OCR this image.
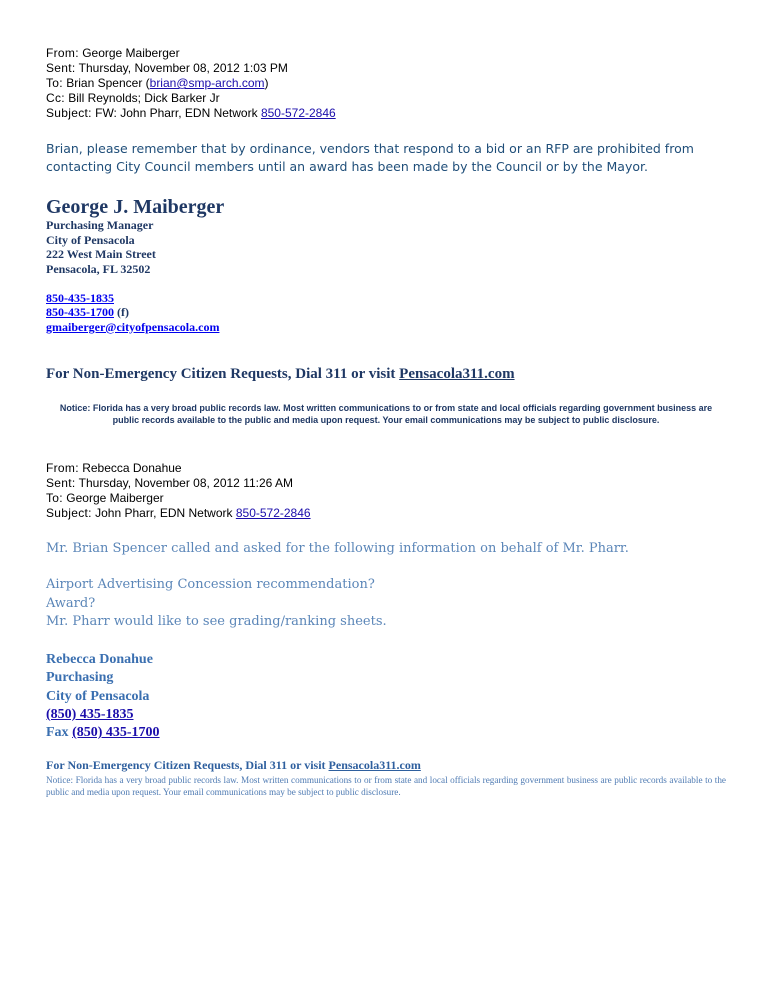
From: George Maiberger
Sent: Thursday, November 08, 2012 1:03 PM
To: Brian Spencer (brian@smp-arch.com)
Cc: Bill Reynolds; Dick Barker Jr
Subject: FW: John Pharr, EDN Network 850-572-2846
Brian, please remember that by ordinance, vendors that respond to a bid or an RFP are prohibited from contacting City Council members until an award has been made by the Council or by the Mayor.
George J. Maiberger
Purchasing Manager
City of Pensacola
222 West Main Street
Pensacola, FL 32502
850-435-1835
850-435-1700 (f)
gmaiberger@cityofpensacola.com
For Non-Emergency Citizen Requests, Dial 311 or visit Pensacola311.com
Notice: Florida has a very broad public records law. Most written communications to or from state and local officials regarding government business are public records available to the public and media upon request. Your email communications may be subject to public disclosure.
From: Rebecca Donahue
Sent: Thursday, November 08, 2012 11:26 AM
To: George Maiberger
Subject: John Pharr, EDN Network 850-572-2846
Mr. Brian Spencer called and asked for the following information on behalf of Mr. Pharr.
Airport Advertising Concession recommendation?
Award?
Mr. Pharr would like to see grading/ranking sheets.
Rebecca Donahue
Purchasing
City of Pensacola
(850) 435-1835
Fax (850) 435-1700
For Non-Emergency Citizen Requests, Dial 311 or visit Pensacola311.com
Notice: Florida has a very broad public records law. Most written communications to or from state and local officials regarding government business are public records available to the public and media upon request. Your email communications may be subject to public disclosure.
